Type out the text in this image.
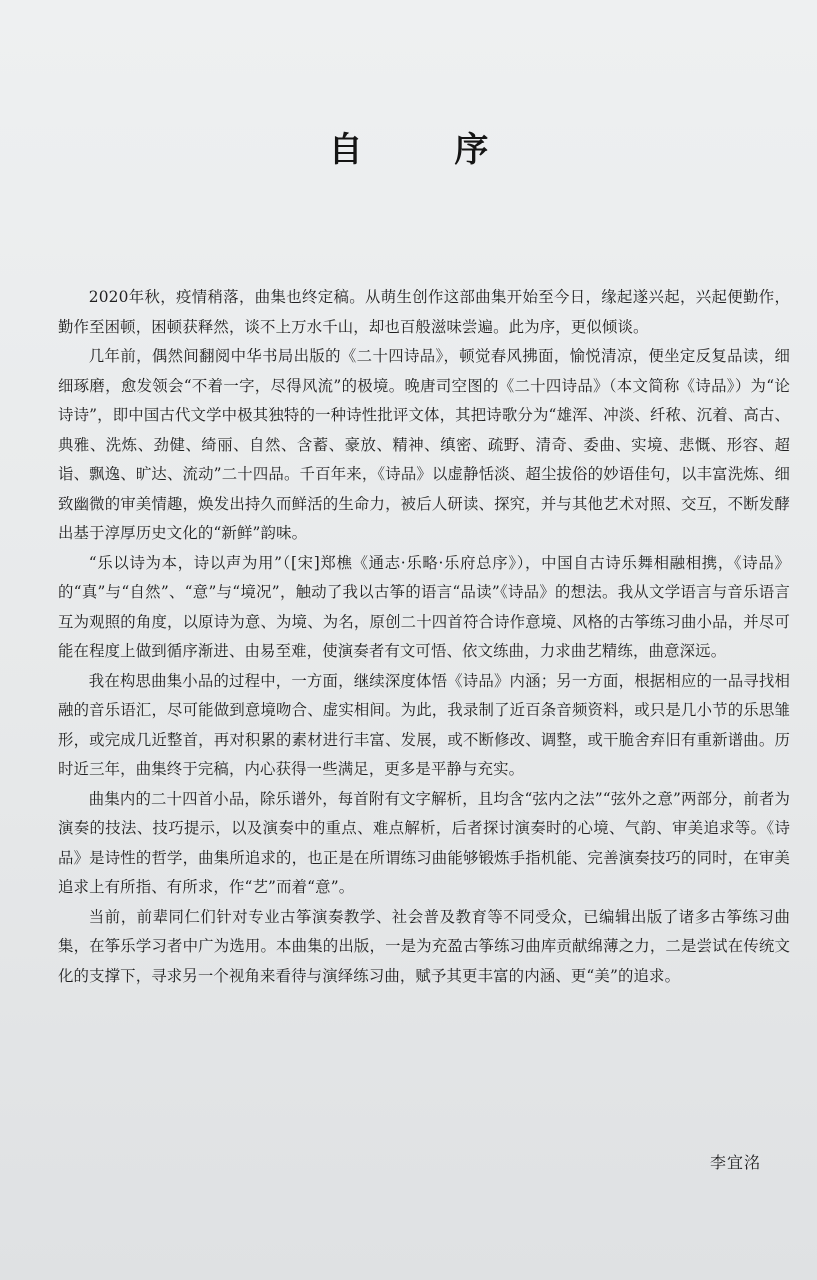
自 序

2020年秋，疫情稍落，曲集也终定稿。从萌生创作这部曲集开始至今日，缘起遂兴起，兴起便勤作，勤作至困顿，困顿获释然，谈不上万水千山，却也百般滋味尝遍。此为序，更似倾谈。

几年前，偶然间翻阅中华书局出版的《二十四诗品》，顿觉春风拂面，愉悦清凉，便坐定反复品读，细细琢磨，愈发领会“不着一字，尽得风流”的极境。晚唐司空图的《二十四诗品》（本文简称《诗品》）为“论诗诗”，即中国古代文学中极其独特的一种诗性批评文体，其把诗歌分为“雄浑、冲淡、纤秾、沉着、高古、典雅、洗炼、劲健、绮丽、自然、含蓄、豪放、精神、缜密、疏野、清奇、委曲、实境、悲慨、形容、超诣、飘逸、旷达、流动”二十四品。千百年来，《诗品》以虚静恬淡、超尘拔俗的妙语佳句，以丰富洗炼、细致幽微的审美情趣，焕发出持久而鲜活的生命力，被后人研读、探究，并与其他艺术对照、交互，不断发酵出基于淳厚历史文化的“新鲜”韵味。

“乐以诗为本，诗以声为用”（[宋]郑樵《通志·乐略·乐府总序》），中国自古诗乐舞相融相携，《诗品》的“真”与“自然”、“意”与“境况”，触动了我以古筝的语言“品读”《诗品》的想法。我从文学语言与音乐语言互为观照的角度，以原诗为意、为境、为名，原创二十四首符合诗作意境、风格的古筝练习曲小品，并尽可能在程度上做到循序渐进、由易至难，使演奏者有文可悟、依文练曲，力求曲艺精练，曲意深远。

我在构思曲集小品的过程中，一方面，继续深度体悟《诗品》内涵；另一方面，根据相应的一品寻找相融的音乐语汇，尽可能做到意境吻合、虚实相间。为此，我录制了近百条音频资料，或只是几小节的乐思雏形，或完成几近整首，再对积累的素材进行丰富、发展，或不断修改、调整，或干脆舍弃旧有重新谱曲。历时近三年，曲集终于完稿，内心获得一些满足，更多是平静与充实。

曲集内的二十四首小品，除乐谱外，每首附有文字解析，且均含“弦内之法”“弦外之意”两部分，前者为演奏的技法、技巧提示，以及演奏中的重点、难点解析，后者探讨演奏时的心境、气韵、审美追求等。《诗品》是诗性的哲学，曲集所追求的，也正是在所谓练习曲能够锻炼手指机能、完善演奏技巧的同时，在审美追求上有所指、有所求，作“艺”而着“意”。

当前，前辈同仁们针对专业古筝演奏教学、社会普及教育等不同受众，已编辑出版了诸多古筝练习曲集，在筝乐学习者中广为选用。本曲集的出版，一是为充盈古筝练习曲库贡献绵薄之力，二是尝试在传统文化的支撑下，寻求另一个视角来看待与演绎练习曲，赋予其更丰富的内涵、更“美”的追求。

李宜洺
